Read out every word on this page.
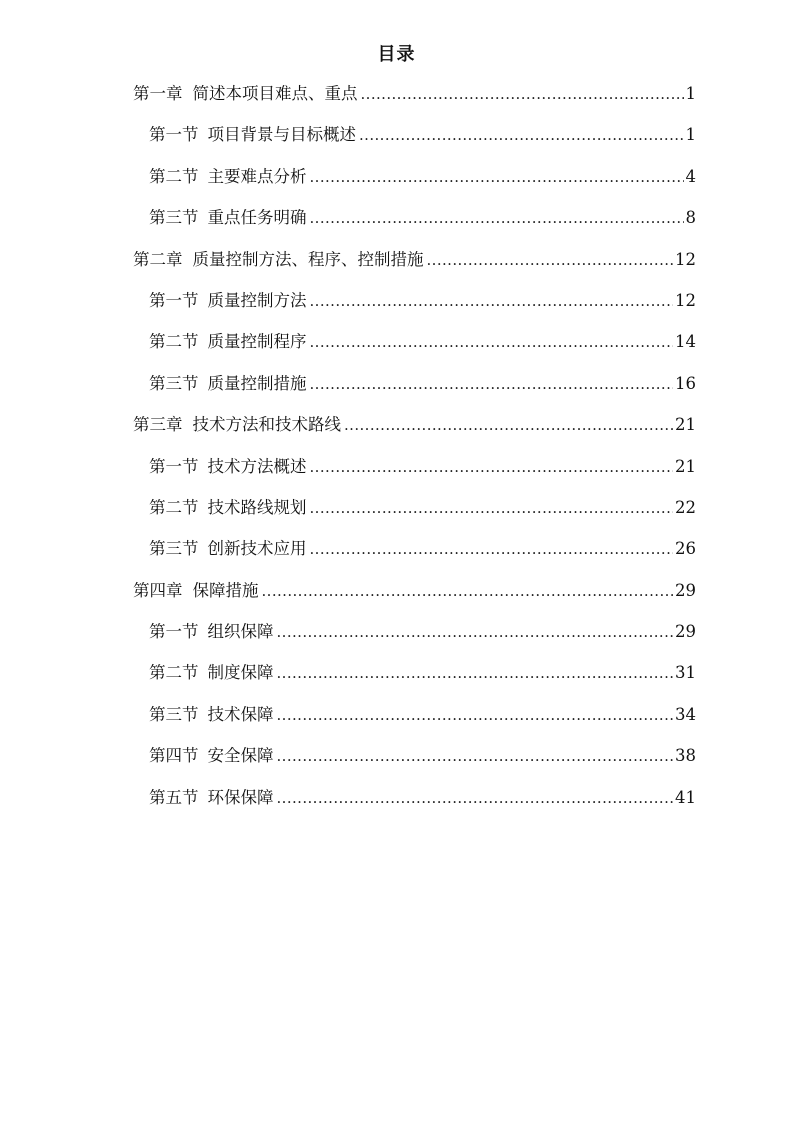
目录
第一章 简述本项目难点、重点 .....	1
第一节 项目背景与目标概述 .....	1
第二节 主要难点分析 .....	4
第三节 重点任务明确 .....	8
第二章 质量控制方法、程序、控制措施 .....	12
第一节 质量控制方法 .....	12
第二节 质量控制程序 .....	14
第三节 质量控制措施 .....	16
第三章 技术方法和技术路线 .....	21
第一节 技术方法概述 .....	21
第二节 技术路线规划 .....	22
第三节 创新技术应用 .....	26
第四章 保障措施 .....	29
第一节 组织保障 .....	29
第二节 制度保障 .....	31
第三节 技术保障 .....	34
第四节 安全保障 .....	38
第五节 环保保障 .....	41
